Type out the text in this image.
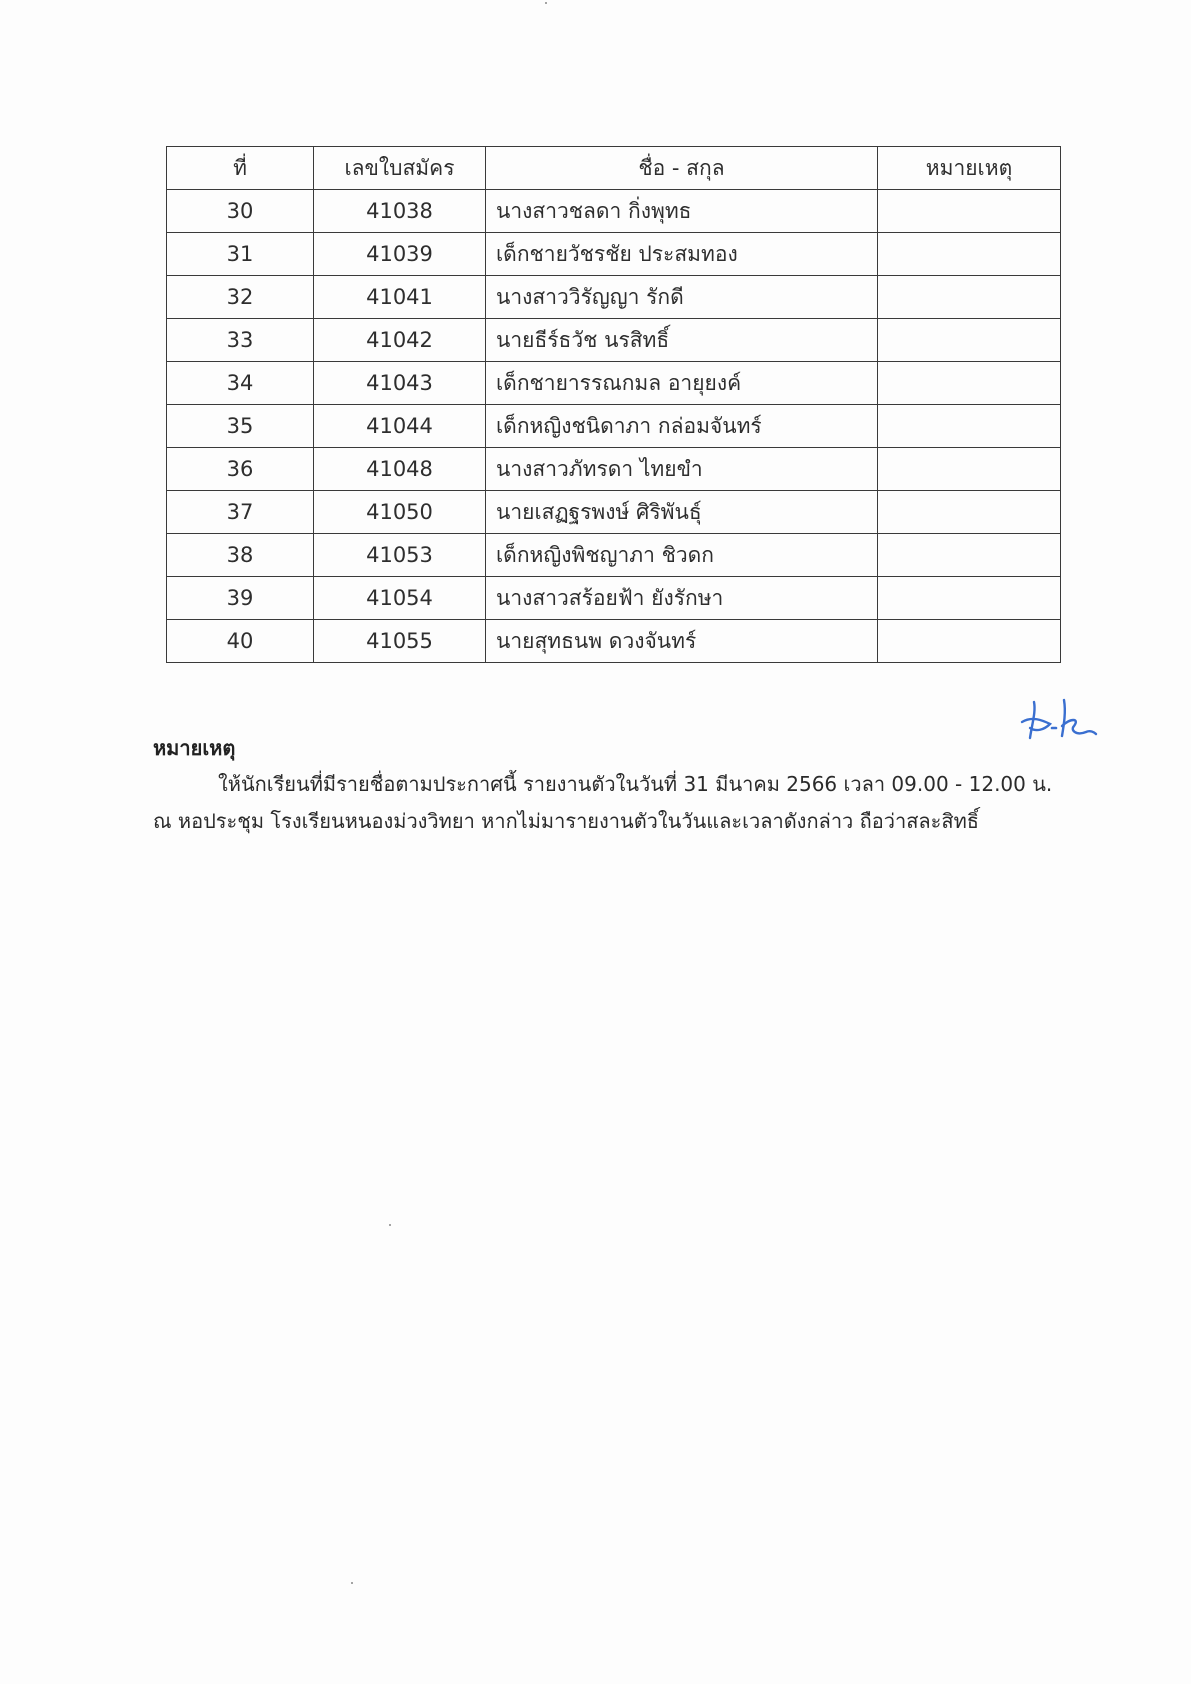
ที่	เลขใบสมัคร	ชื่อ - สกุล	หมายเหตุ
30	41038	นางสาวชลดา กิ่งพุทธ	
31	41039	เด็กชายวัชรชัย ประสมทอง	
32	41041	นางสาววิรัญญา รักดี	
33	41042	นายธีร์ธวัช นรสิทธิ์	
34	41043	เด็กชายารรณกมล อายุยงค์	
35	41044	เด็กหญิงชนิดาภา กล่อมจันทร์	
36	41048	นางสาวภัทรดา ไทยขำ	
37	41050	นายเสฏฐรพงษ์ ศิริพันธุ์	
38	41053	เด็กหญิงพิชญาภา ชิวดก	
39	41054	นางสาวสร้อยฟ้า ยังรักษา	
40	41055	นายสุทธนพ ดวงจันทร์	
หมายเหตุ
ให้นักเรียนที่มีรายชื่อตามประกาศนี้ รายงานตัวในวันที่ 31 มีนาคม 2566 เวลา 09.00 - 12.00 น.
ณ หอประชุม โรงเรียนหนองม่วงวิทยา หากไม่มารายงานตัวในวันและเวลาดังกล่าว ถือว่าสละสิทธิ์
